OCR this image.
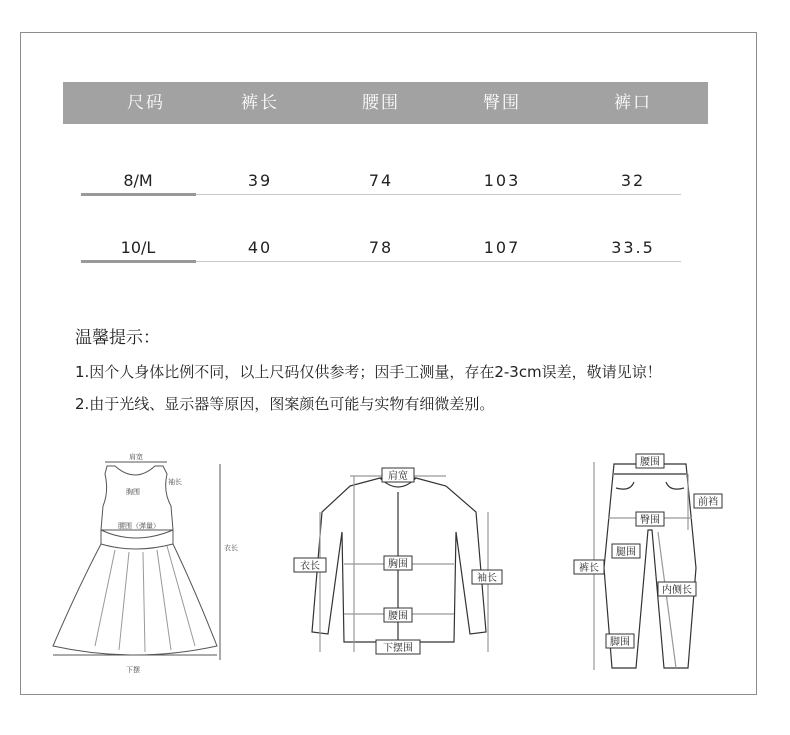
尺码	裤长	腰围	臀围	裤口
8/M	39	74	103	32
10/L	40	78	107	33.5
温馨提示：
1.因个人身体比例不同，以上尺码仅供参考；因手工测量，存在2-3cm误差，敬请见谅！
2.由于光线、显示器等原因，图案颜色可能与实物有细微差别。
肩宽
胸围
袖长
腰围（弹量）
衣长
下摆
肩宽
衣长	胸围
袖长
腰围
下摆围
腰围
前裆
臀围
裤长
腿围
内侧长
脚围
